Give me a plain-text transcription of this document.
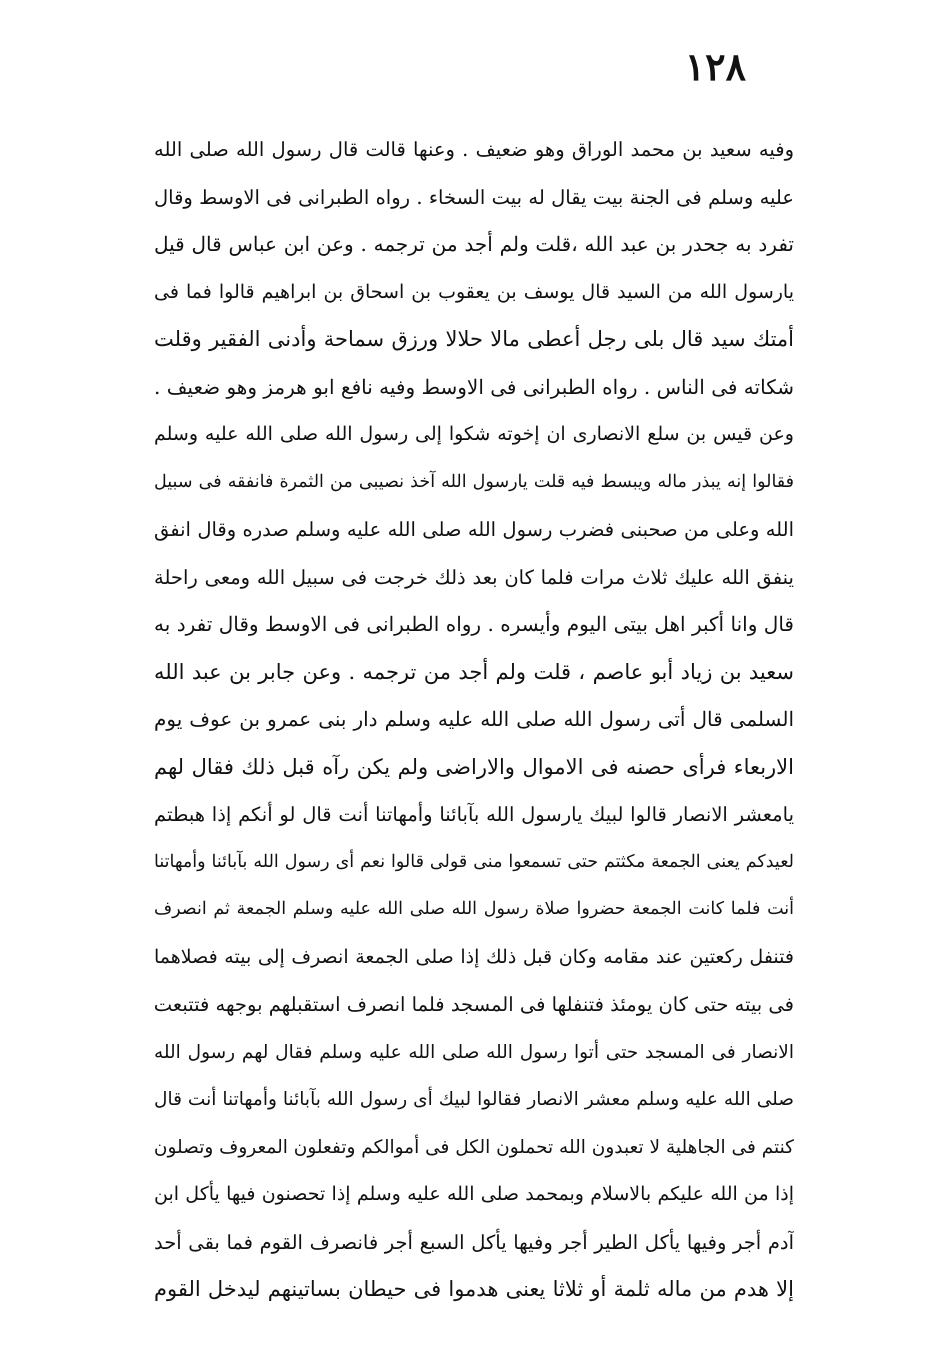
١٢٨
وفيه سعيد بن محمد الوراق وهو ضعيف . وعنها قالت قال رسول الله صلى الله
عليه وسلم فى الجنة بيت يقال له بيت السخاء . رواه الطبرانى فى الاوسط وقال
تفرد به جحدر بن عبد الله ،قلت ولم أجد من ترجمه . وعن ابن عباس قال قيل
يارسول الله من السيد قال يوسف بن يعقوب بن اسحاق بن ابراهيم قالوا فما فى
أمتك سيد قال بلى رجل أعطى مالا حلالا ورزق سماحة وأدنى الفقير وقلت
شكاته فى الناس . رواه الطبرانى فى الاوسط وفيه نافع ابو هرمز وهو ضعيف .
وعن قيس بن سلع الانصارى ان إخوته شكوا إلى رسول الله صلى الله عليه وسلم
فقالوا إنه يبذر ماله ويبسط فيه قلت يارسول الله آخذ نصيبى من الثمرة فانفقه فى سبيل
الله وعلى من صحبنى فضرب رسول الله صلى الله عليه وسلم صدره وقال انفق
ينفق الله عليك ثلاث مرات فلما كان بعد ذلك خرجت فى سبيل الله ومعى راحلة
قال وانا أكبر اهل بيتى اليوم وأيسره . رواه الطبرانى فى الاوسط وقال تفرد به
سعيد بن زياد أبو عاصم ، قلت ولم أجد من ترجمه . وعن جابر بن عبد الله
السلمى قال أتى رسول الله صلى الله عليه وسلم دار بنى عمرو بن عوف يوم
الاربعاء فرأى حصنه فى الاموال والاراضى ولم يكن رآه قبل ذلك فقال لهم
يامعشر الانصار قالوا لبيك يارسول الله بآبائنا وأمهاتنا أنت قال لو أنكم إذا هبطتم
لعيدكم يعنى الجمعة مكثتم حتى تسمعوا منى قولى قالوا نعم أى رسول الله بآبائنا وأمهاتنا
أنت فلما كانت الجمعة حضروا صلاة رسول الله صلى الله عليه وسلم الجمعة ثم انصرف
فتنفل ركعتين عند مقامه وكان قبل ذلك إذا صلى الجمعة انصرف إلى بيته فصلاهما
فى بيته حتى كان يومئذ فتنفلها فى المسجد فلما انصرف استقبلهم بوجهه فتتبعت
الانصار فى المسجد حتى أتوا رسول الله صلى الله عليه وسلم فقال لهم رسول الله
صلى الله عليه وسلم معشر الانصار فقالوا لبيك أى رسول الله بآبائنا وأمهاتنا أنت قال
كنتم فى الجاهلية لا تعبدون الله تحملون الكل فى أموالكم وتفعلون المعروف وتصلون
إذا من الله عليكم بالاسلام وبمحمد صلى الله عليه وسلم إذا تحصنون فيها يأكل ابن
آدم أجر وفيها يأكل الطير أجر وفيها يأكل السبع أجر فانصرف القوم فما بقى أحد
إلا هدم من ماله ثلمة أو ثلاثا يعنى هدموا فى حيطان بساتينهم ليدخل القوم
